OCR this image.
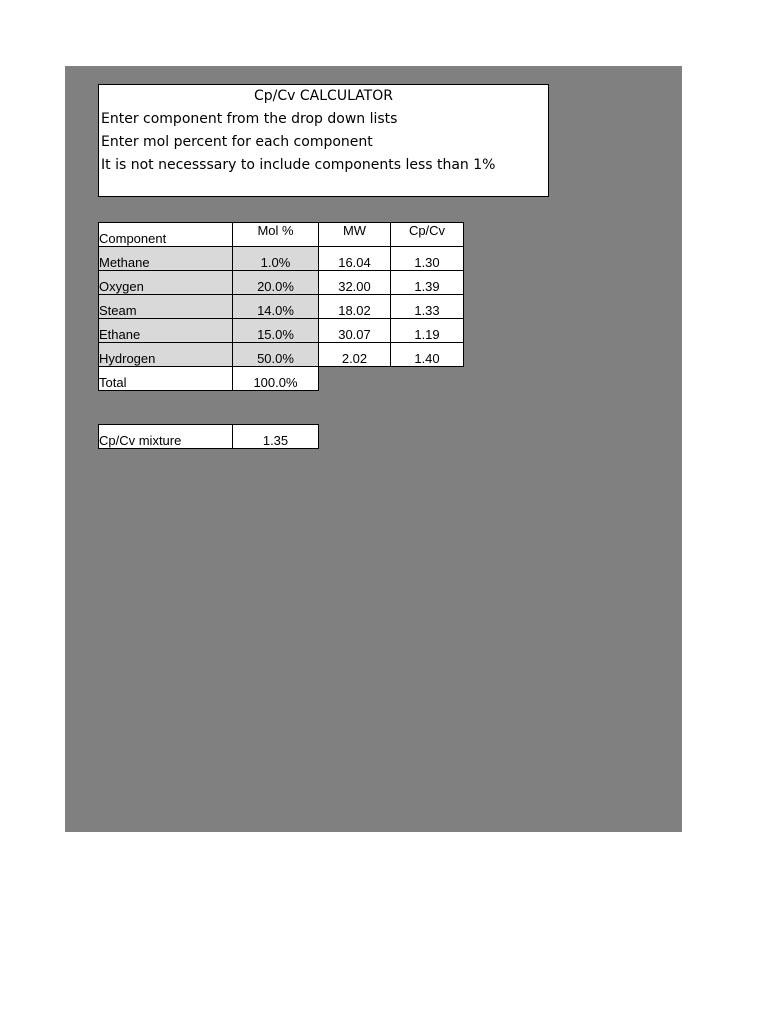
Cp/Cv CALCULATOR
Enter component from the drop down lists
Enter mol percent for each component
It is not necesssary to include components less than 1%
Component	Mol %	MW	Cp/Cv
Methane	1.0%	16.04	1.30
Oxygen	20.0%	32.00	1.39
Steam	14.0%	18.02	1.33
Ethane	15.0%	30.07	1.19
Hydrogen	50.0%	2.02	1.40
Total	100.0%		
Cp/Cv mixture	1.35
